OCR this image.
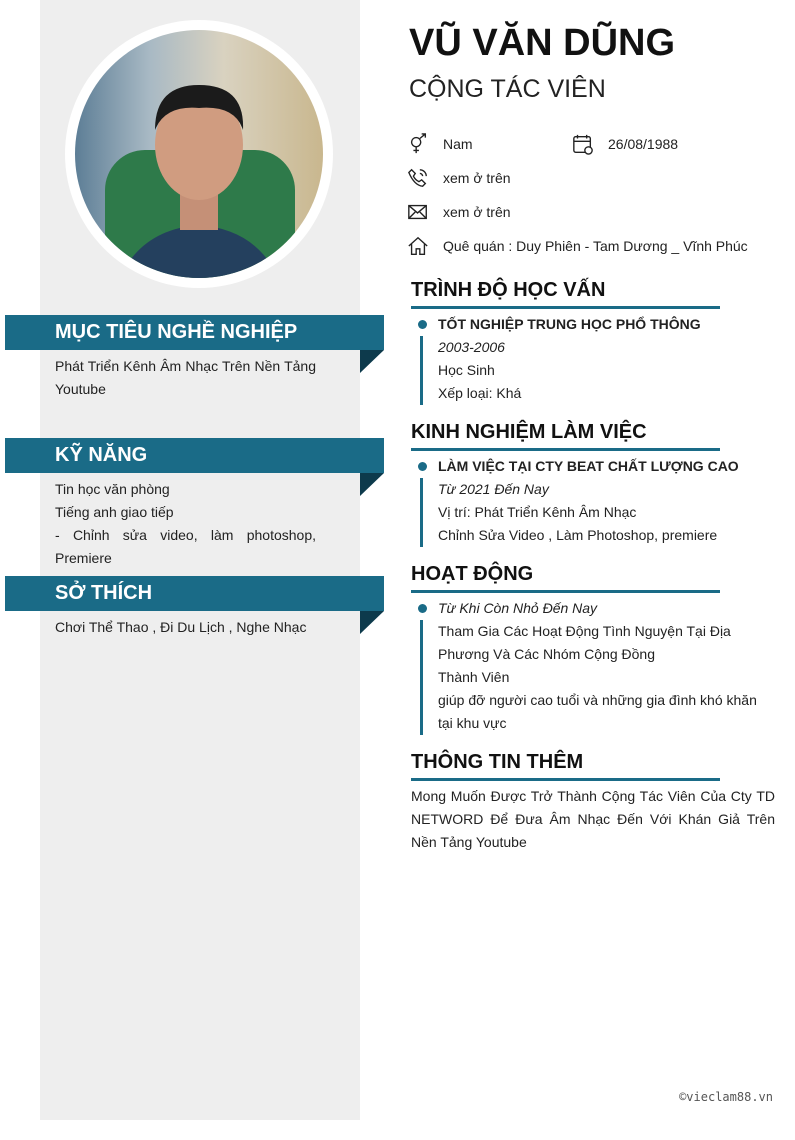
MỤC TIÊU NGHỀ NGHIỆP
Phát Triển Kênh Âm Nhạc Trên Nền Tảng Youtube
KỸ NĂNG
Tin học văn phòng
Tiếng anh giao tiếp
- Chỉnh sửa video, làm photoshop, Premiere
SỞ THÍCH
Chơi Thể Thao , Đi Du Lịch , Nghe Nhạc
VŨ VĂN DŨNG
CỘNG TÁC VIÊN
Nam	26/08/1988
xem ở trên
xem ở trên
Quê quán : Duy Phiên - Tam Dương _ Vĩnh Phúc
TRÌNH ĐỘ HỌC VẤN
TỐT NGHIỆP TRUNG HỌC PHỔ THÔNG
2003-2006
Học Sinh
Xếp loại: Khá
KINH NGHIỆM LÀM VIỆC
LÀM VIỆC TẠI CTY BEAT CHẤT LƯỢNG CAO
Từ 2021 Đến Nay
Vị trí: Phát Triển Kênh Âm Nhạc
Chỉnh Sửa Video , Làm Photoshop, premiere
HOẠT ĐỘNG
Từ Khi Còn Nhỏ Đến Nay
Tham Gia Các Hoạt Động Tình Nguyện Tại Địa Phương Và Các Nhóm Cộng Đồng
Thành Viên
giúp đỡ người cao tuổi và những gia đình khó khăn tại khu vực
THÔNG TIN THÊM
Mong Muốn Được Trở Thành Cộng Tác Viên Của Cty TD NETWORD Để Đưa Âm Nhạc Đến Với Khán Giả Trên Nền Tảng Youtube
©vieclam88.vn
